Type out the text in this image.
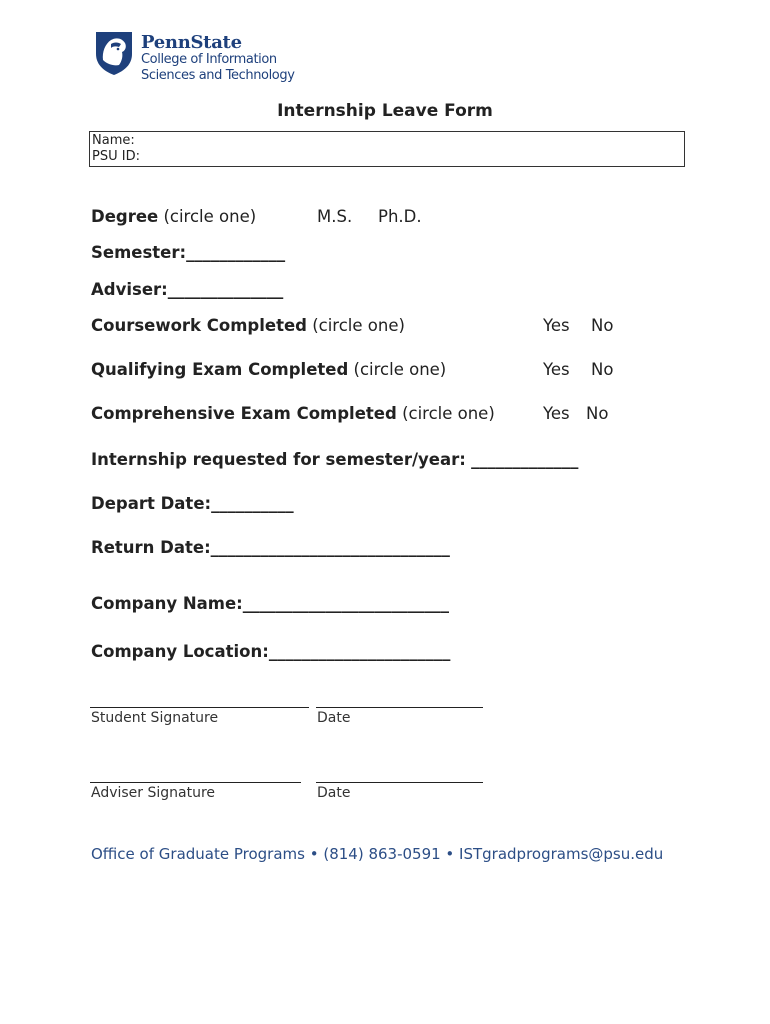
PennState
College of Information
Sciences and Technology
Internship Leave Form
Name:
PSU ID:
Degree (circle one)	M.S. Ph.D.
Semester:____________
Adviser:______________
Coursework Completed (circle one)	Yes No
Qualifying Exam Completed (circle one)	Yes No
Comprehensive Exam Completed (circle one)	Yes No
Internship requested for semester/year: _____________
Depart Date:__________
Return Date:_____________________________
Company Name:_________________________
Company Location:______________________
Student Signature	Date
Adviser Signature	Date
Office of Graduate Programs • (814) 863-0591 • ISTgradprograms@psu.edu
